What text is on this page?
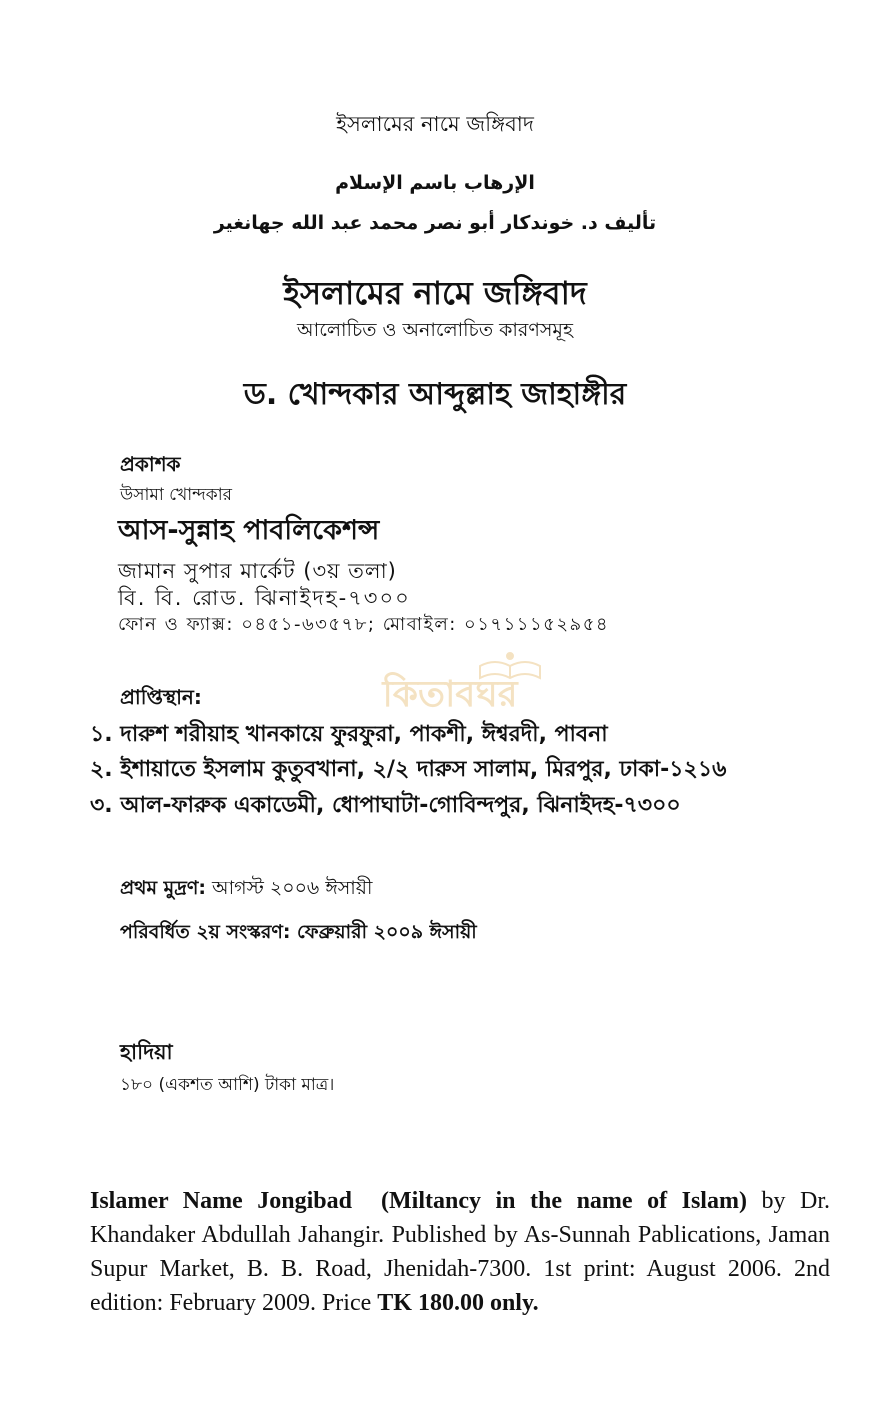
ইসলামের নামে জঙ্গিবাদ
الإرهاب باسم الإسلام
تأليف د. خوندكار أبو نصر محمد عبد الله جهانغير
ইসলামের নামে জঙ্গিবাদ
আলোচিত ও অনালোচিত কারণসমূহ
ড. খোন্দকার আব্দুল্লাহ জাহাঙ্গীর
প্রকাশক
উসামা খোন্দকার
আস-সুন্নাহ পাবলিকেশন্স
জামান সুপার মার্কেট (৩য় তলা)
বি. বি. রোড. ঝিনাইদহ-৭৩০০
ফোন ও ফ্যাক্স: ০৪৫১-৬৩৫৭৮; মোবাইল: ০১৭১১১৫২৯৫৪
কিতাবঘর
প্রাপ্তিস্থান:
১. দারুশ শরীয়াহ খানকায়ে ফুরফুরা, পাকশী, ঈশ্বরদী, পাবনা
২. ইশায়াতে ইসলাম কুতুবখানা, ২/২ দারুস সালাম, মিরপুর, ঢাকা-১২১৬
৩. আল-ফারুক একাডেমী, ধোপাঘাটা-গোবিন্দপুর, ঝিনাইদহ-৭৩০০
প্রথম মুদ্রণ: আগস্ট ২০০৬ ঈসায়ী
পরিবর্ধিত ২য় সংস্করণ: ফেব্রুয়ারী ২০০৯ ঈসায়ী
হাদিয়া
১৮০ (একশত আশি) টাকা মাত্র।
Islamer Name Jongibad (Miltancy in the name of Islam) by Dr. Khandaker Abdullah Jahangir. Published by As-Sunnah Pablications, Jaman Supur Market, B. B. Road, Jhenidah-7300. 1st print: August 2006. 2nd edition: February 2009. Price TK 180.00 only.
